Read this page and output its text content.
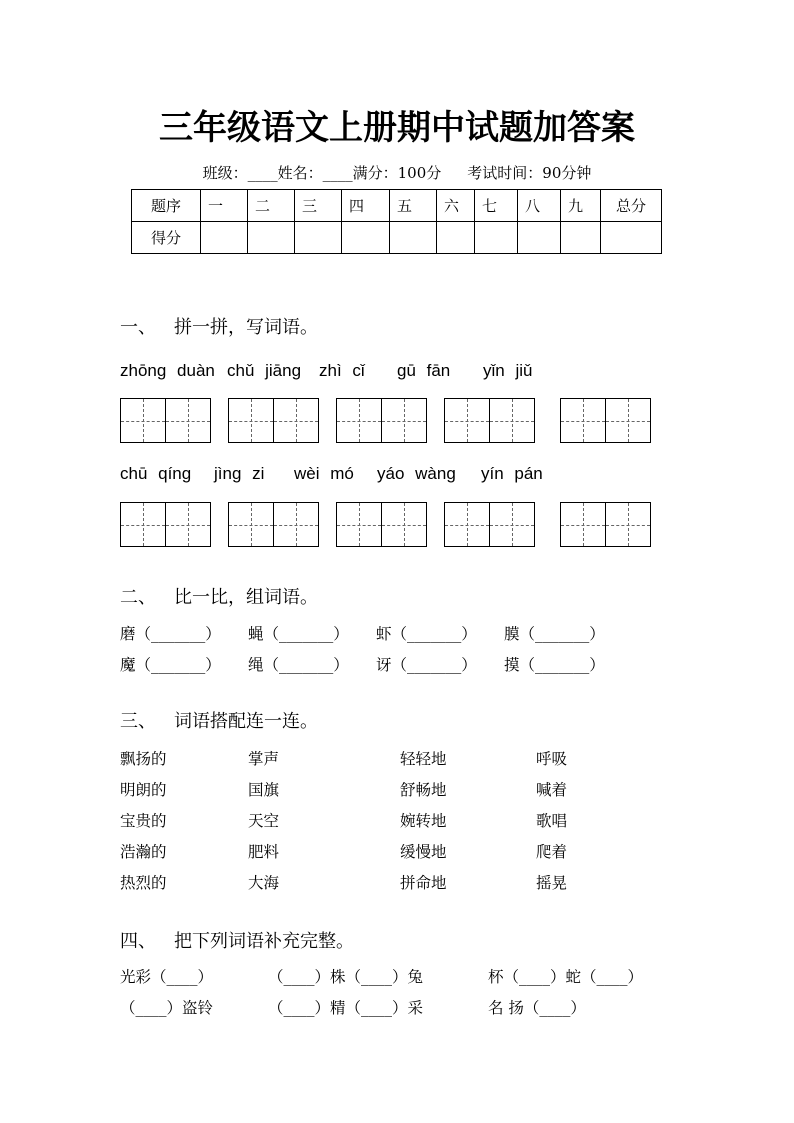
三年级语文上册期中试题加答案
班级：____姓名：____满分：100分 考试时间：90分钟
题序	一	二	三	四	五	六	七	八	九	总分
得分										
一、 拼一拼，写词语。
zhōng duàn chǔ jiāng zhì cǐ gū fān yǐn jiǔ
chū qíng jìng zi wèi mó yáo wàng yín pán
二、 比一比，组词语。
磨（_______）	蝇（_______）	虾（_______）	膜（_______）
魔（_______）	绳（_______）	讶（_______）	摸（_______）
三、 词语搭配连一连。
飘扬的	掌声	轻轻地	呼吸
明朗的	国旗	舒畅地	喊着
宝贵的	天空	婉转地	歌唱
浩瀚的	肥料	缓慢地	爬着
热烈的	大海	拼命地	摇晃
四、 把下列词语补充完整。
光彩（____）	（____）株（____）兔	杯（____）蛇（____）
（____）盗铃	（____）精（____）采	名 扬（____）
